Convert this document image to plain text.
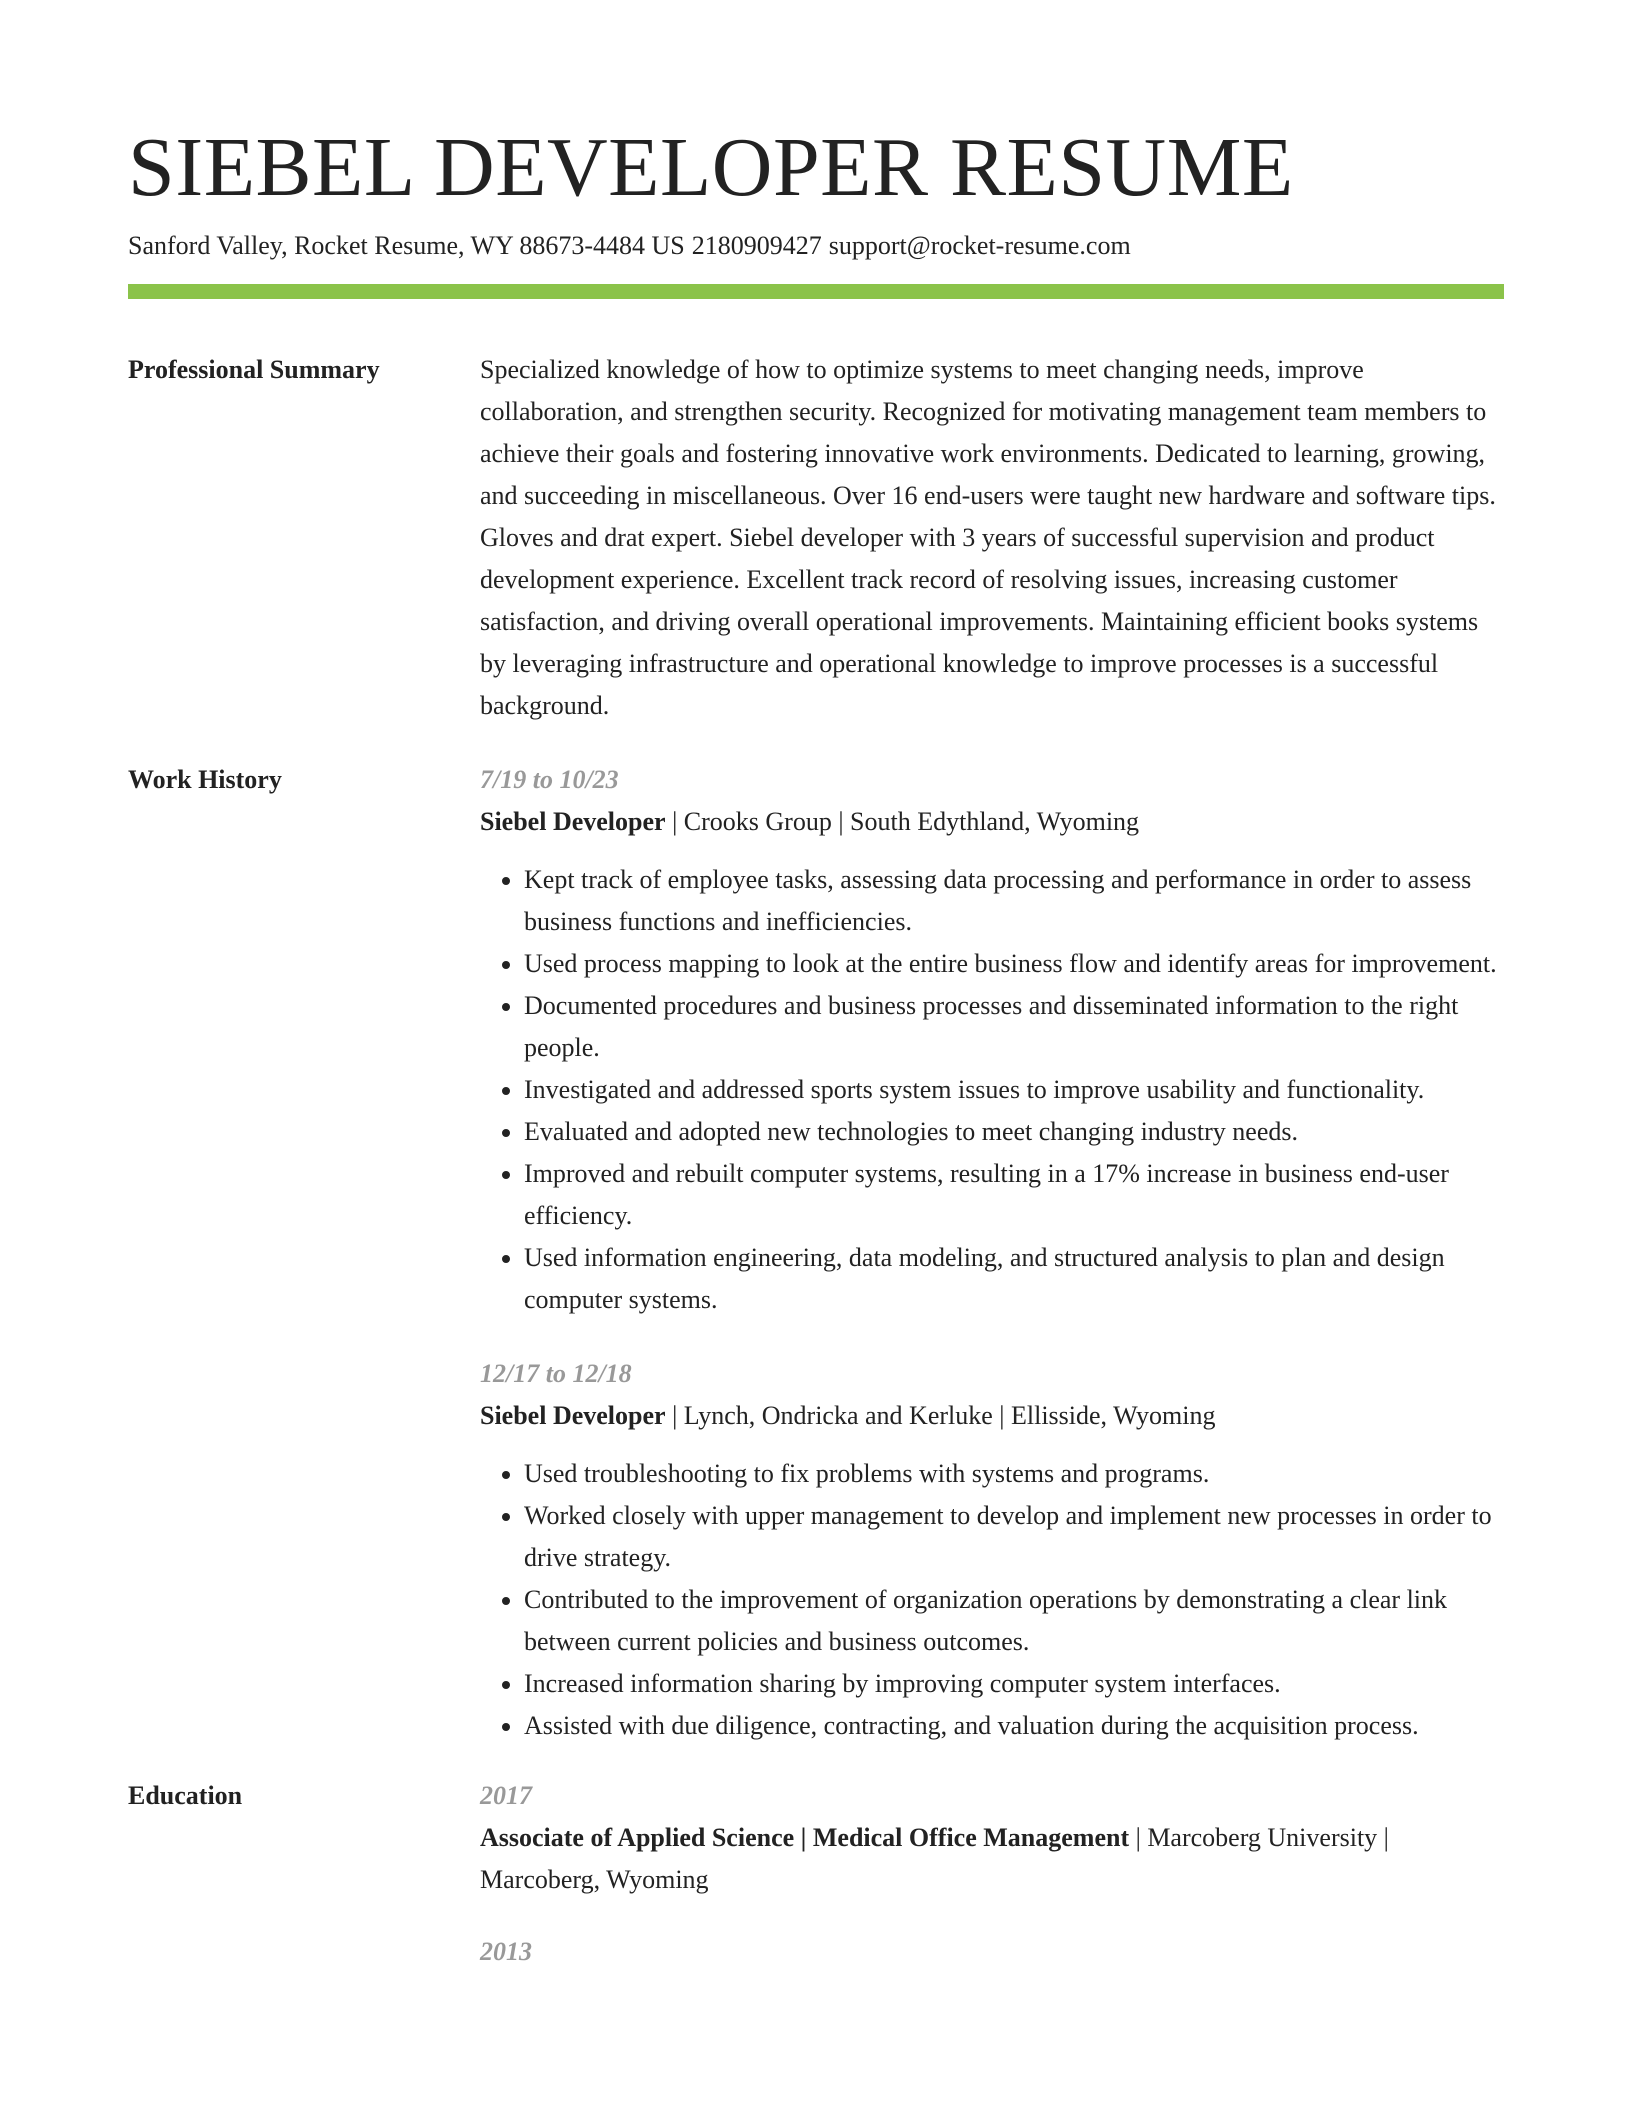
SIEBEL DEVELOPER RESUME
Sanford Valley, Rocket Resume, WY 88673-4484 US 2180909427 support@rocket-resume.com
Professional Summary	Specialized knowledge of how to optimize systems to meet changing needs, improve collaboration, and strengthen security. Recognized for motivating management team members to achieve their goals and fostering innovative work environments. Dedicated to learning, growing, and succeeding in miscellaneous. Over 16 end-users were taught new hardware and software tips. Gloves and drat expert. Siebel developer with 3 years of successful supervision and product development experience. Excellent track record of resolving issues, increasing customer satisfaction, and driving overall operational improvements. Maintaining efficient books systems by leveraging infrastructure and operational knowledge to improve processes is a successful background.

Work History	7/19 to 10/23
Siebel Developer | Crooks Group | South Edythland, Wyoming
• Kept track of employee tasks, assessing data processing and performance in order to assess business functions and inefficiencies.
• Used process mapping to look at the entire business flow and identify areas for improvement.
• Documented procedures and business processes and disseminated information to the right people.
• Investigated and addressed sports system issues to improve usability and functionality.
• Evaluated and adopted new technologies to meet changing industry needs.
• Improved and rebuilt computer systems, resulting in a 17% increase in business end-user efficiency.
• Used information engineering, data modeling, and structured analysis to plan and design computer systems.
12/17 to 12/18
Siebel Developer | Lynch, Ondricka and Kerluke | Ellisside, Wyoming
• Used troubleshooting to fix problems with systems and programs.
• Worked closely with upper management to develop and implement new processes in order to drive strategy.
• Contributed to the improvement of organization operations by demonstrating a clear link between current policies and business outcomes.
• Increased information sharing by improving computer system interfaces.
• Assisted with due diligence, contracting, and valuation during the acquisition process.
Education	2017
Associate of Applied Science | Medical Office Management | Marcoberg University | Marcoberg, Wyoming
2013
